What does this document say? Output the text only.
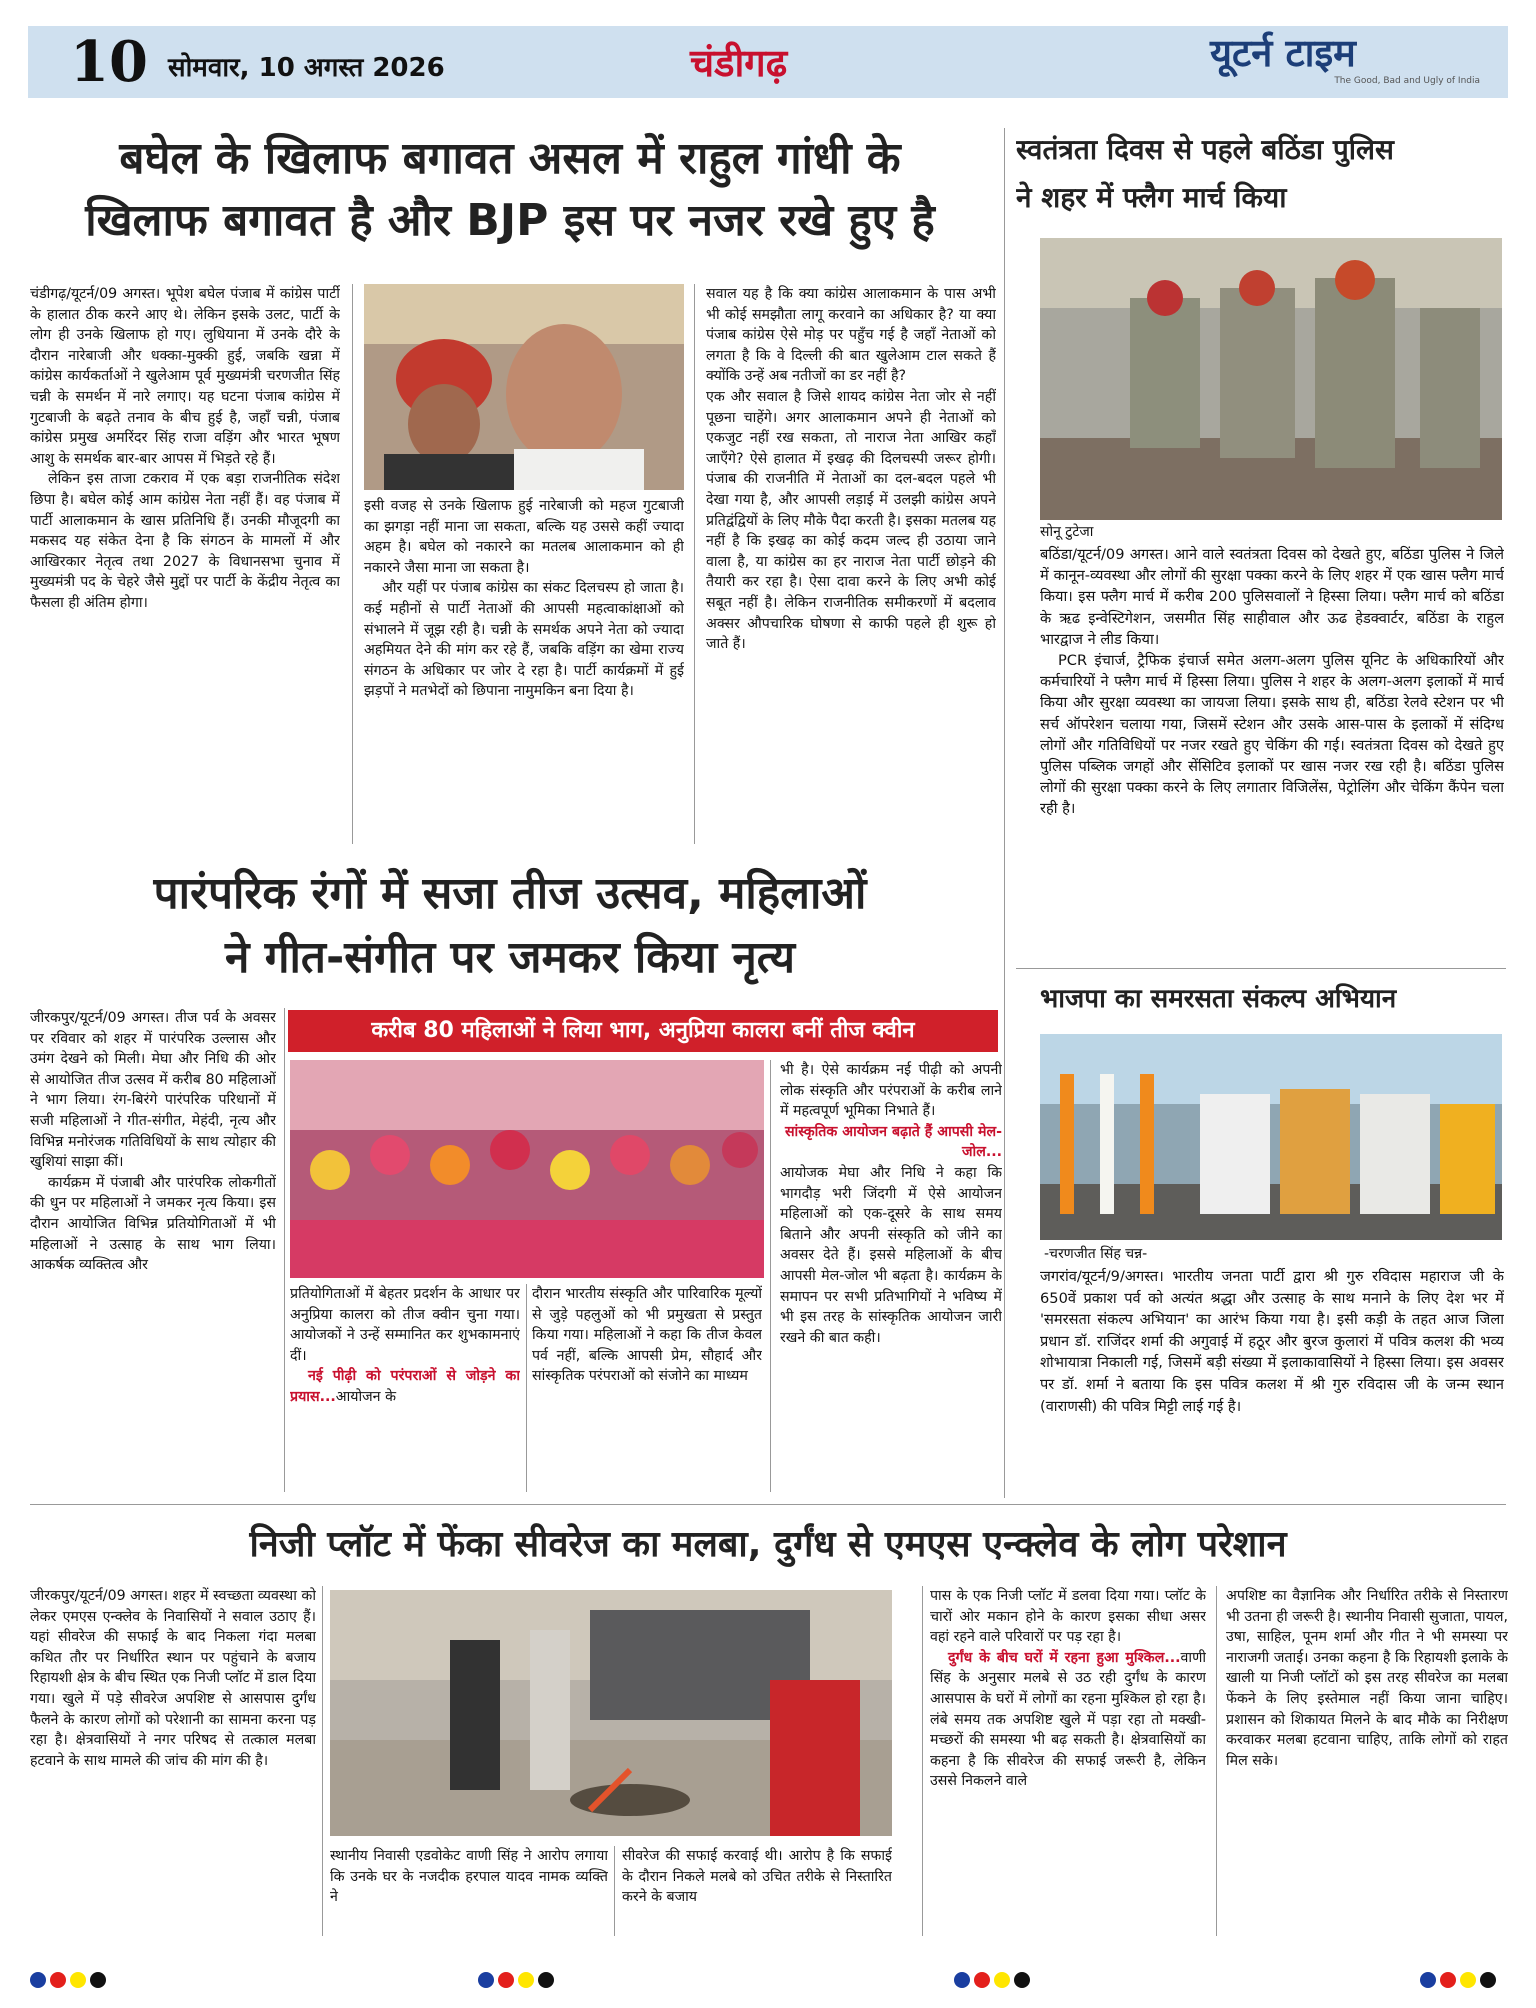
10 सोमवार, 10 अगस्त 2026	चंडीगढ़	यूटर्न टाइम
The Good, Bad and Ugly of India
बघेल के खिलाफ बगावत असल में राहुल गांधी के
खिलाफ बगावत है और BJP इस पर नजर रखे हुए है

चंडीगढ़/यूटर्न/09 अगस्त। भूपेश बघेल पंजाब में कांग्रेस पार्टी के हालात ठीक करने आए थे। लेकिन इसके उलट, पार्टी के लोग ही उनके खिलाफ हो गए। लुधियाना में उनके दौरे के दौरान नारेबाजी और धक्का-मुक्की हुई, जबकि खन्ना में कांग्रेस कार्यकर्ताओं ने खुलेआम पूर्व मुख्यमंत्री चरणजीत सिंह चन्नी के समर्थन में नारे लगाए। यह घटना पंजाब कांग्रेस में गुटबाजी के बढ़ते तनाव के बीच हुई है, जहाँ चन्नी, पंजाब कांग्रेस प्रमुख अमरिंदर सिंह राजा वड़िंग और भारत भूषण आशु के समर्थक बार-बार आपस में भिड़ते रहे हैं।

लेकिन इस ताजा टकराव में एक बड़ा राजनीतिक संदेश छिपा है। बघेल कोई आम कांग्रेस नेता नहीं हैं। वह पंजाब में पार्टी आलाकमान के खास प्रतिनिधि हैं। उनकी मौजूदगी का मकसद यह संकेत देना है कि संगठन के मामलों में और आखिरकार नेतृत्व तथा 2027 के विधानसभा चुनाव में मुख्यमंत्री पद के चेहरे जैसे मुद्दों पर पार्टी के केंद्रीय नेतृत्व का फैसला ही अंतिम होगा।

इसी वजह से उनके खिलाफ हुई नारेबाजी को महज गुटबाजी का झगड़ा नहीं माना जा सकता, बल्कि यह उससे कहीं ज्यादा अहम है। बघेल को नकारने का मतलब आलाकमान को ही नकारने जैसा माना जा सकता है।

और यहीं पर पंजाब कांग्रेस का संकट दिलचस्प हो जाता है। कई महीनों से पार्टी नेताओं की आपसी महत्वाकांक्षाओं को संभालने में जूझ रही है। चन्नी के समर्थक अपने नेता को ज्यादा अहमियत देने की मांग कर रहे हैं, जबकि वड़िंग का खेमा राज्य संगठन के अधिकार पर जोर दे रहा है। पार्टी कार्यक्रमों में हुई झड़पों ने मतभेदों को छिपाना नामुमकिन बना दिया है।

सवाल यह है कि क्या कांग्रेस आलाकमान के पास अभी भी कोई समझौता लागू करवाने का अधिकार है? या क्या पंजाब कांग्रेस ऐसे मोड़ पर पहुँच गई है जहाँ नेताओं को लगता है कि वे दिल्ली की बात खुलेआम टाल सकते हैं क्योंकि उन्हें अब नतीजों का डर नहीं है?

एक और सवाल है जिसे शायद कांग्रेस नेता जोर से नहीं पूछना चाहेंगे। अगर आलाकमान अपने ही नेताओं को एकजुट नहीं रख सकता, तो नाराज नेता आखिर कहाँ जाएँगे? ऐसे हालात में इखढ़ की दिलचस्पी जरूर होगी। पंजाब की राजनीति में नेताओं का दल-बदल पहले भी देखा गया है, और आपसी लड़ाई में उलझी कांग्रेस अपने प्रतिद्वंद्वियों के लिए मौके पैदा करती है। इसका मतलब यह नहीं है कि इखढ़ का कोई कदम जल्द ही उठाया जाने वाला है, या कांग्रेस का हर नाराज नेता पार्टी छोड़ने की तैयारी कर रहा है। ऐसा दावा करने के लिए अभी कोई सबूत नहीं है। लेकिन राजनीतिक समीकरणों में बदलाव अक्सर औपचारिक घोषणा से काफी पहले ही शुरू हो जाते हैं।

स्वतंत्रता दिवस से पहले बठिंडा पुलिस
ने शहर में फ्लैग मार्च किया
सोनू टुटेजा

बठिंडा/यूटर्न/09 अगस्त। आने वाले स्वतंत्रता दिवस को देखते हुए, बठिंडा पुलिस ने जिले में कानून-व्यवस्था और लोगों की सुरक्षा पक्का करने के लिए शहर में एक खास फ्लैग मार्च किया। इस फ्लैग मार्च में करीब 200 पुलिसवालों ने हिस्सा लिया। फ्लैग मार्च को बठिंडा के ऋढ इन्वेस्टिगेशन, जसमीत सिंह साहीवाल और ऊढ हेडक्वार्टर, बठिंडा के राहुल भारद्वाज ने लीड किया।

PCR इंचार्ज, ट्रैफिक इंचार्ज समेत अलग-अलग पुलिस यूनिट के अधिकारियों और कर्मचारियों ने फ्लैग मार्च में हिस्सा लिया। पुलिस ने शहर के अलग-अलग इलाकों में मार्च किया और सुरक्षा व्यवस्था का जायजा लिया। इसके साथ ही, बठिंडा रेलवे स्टेशन पर भी सर्च ऑपरेशन चलाया गया, जिसमें स्टेशन और उसके आस-पास के इलाकों में संदिग्ध लोगों और गतिविधियों पर नजर रखते हुए चेकिंग की गई। स्वतंत्रता दिवस को देखते हुए पुलिस पब्लिक जगहों और सेंसिटिव इलाकों पर खास नजर रख रही है। बठिंडा पुलिस लोगों की सुरक्षा पक्का करने के लिए लगातार विजिलेंस, पेट्रोलिंग और चेकिंग कैंपेन चला रही है।

भाजपा का समरसता संकल्प अभियान
-चरणजीत सिंह चन्न-
जगरांव/यूटर्न/9/अगस्त। भारतीय जनता पार्टी द्वारा श्री गुरु रविदास महाराज जी के 650वें प्रकाश पर्व को अत्यंत श्रद्धा और उत्साह के साथ मनाने के लिए देश भर में 'समरसता संकल्प अभियान' का आरंभ किया गया है। इसी कड़ी के तहत आज जिला प्रधान डॉ. राजिंदर शर्मा की अगुवाई में हठूर और बुरज कुलारां में पवित्र कलश की भव्य शोभायात्रा निकाली गई, जिसमें बड़ी संख्या में इलाकावासियों ने हिस्सा लिया। इस अवसर पर डॉ. शर्मा ने बताया कि इस पवित्र कलश में श्री गुरु रविदास जी के जन्म स्थान (वाराणसी) की पवित्र मिट्टी लाई गई है।
पारंपरिक रंगों में सजा तीज उत्सव, महिलाओं
ने गीत-संगीत पर जमकर किया नृत्य

जीरकपुर/यूटर्न/09 अगस्त। तीज पर्व के अवसर पर रविवार को शहर में पारंपरिक उल्लास और उमंग देखने को मिली। मेघा और निधि की ओर से आयोजित तीज उत्सव में करीब 80 महिलाओं ने भाग लिया। रंग-बिरंगे पारंपरिक परिधानों में सजी महिलाओं ने गीत-संगीत, मेहंदी, नृत्य और विभिन्न मनोरंजक गतिविधियों के साथ त्योहार की खुशियां साझा कीं।

कार्यक्रम में पंजाबी और पारंपरिक लोकगीतों की धुन पर महिलाओं ने जमकर नृत्य किया। इस दौरान आयोजित विभिन्न प्रतियोगिताओं में भी महिलाओं ने उत्साह के साथ भाग लिया। आकर्षक व्यक्तित्व और

करीब 80 महिलाओं ने लिया भाग, अनुप्रिया कालरा बनीं तीज क्वीन

प्रतियोगिताओं में बेहतर प्रदर्शन के आधार पर अनुप्रिया कालरा को तीज क्वीन चुना गया। आयोजकों ने उन्हें सम्मानित कर शुभकामनाएं दीं।

नई पीढ़ी को परंपराओं से जोड़ने का प्रयास...आयोजन के

दौरान भारतीय संस्कृति और पारिवारिक मूल्यों से जुड़े पहलुओं को भी प्रमुखता से प्रस्तुत किया गया। महिलाओं ने कहा कि तीज केवल पर्व नहीं, बल्कि आपसी प्रेम, सौहार्द और सांस्कृतिक परंपराओं को संजोने का माध्यम

भी है। ऐसे कार्यक्रम नई पीढ़ी को अपनी लोक संस्कृति और परंपराओं के करीब लाने में महत्वपूर्ण भूमिका निभाते हैं।

सांस्कृतिक आयोजन बढ़ाते हैं आपसी मेल-जोल...

आयोजक मेघा और निधि ने कहा कि भागदौड़ भरी जिंदगी में ऐसे आयोजन महिलाओं को एक-दूसरे के साथ समय बिताने और अपनी संस्कृति को जीने का अवसर देते हैं। इससे महिलाओं के बीच आपसी मेल-जोल भी बढ़ता है। कार्यक्रम के समापन पर सभी प्रतिभागियों ने भविष्य में भी इस तरह के सांस्कृतिक आयोजन जारी रखने की बात कही।

निजी प्लॉट में फेंका सीवरेज का मलबा, दुर्गंध से एमएस एन्क्लेव के लोग परेशान
जीरकपुर/यूटर्न/09 अगस्त। शहर में स्वच्छता व्यवस्था को लेकर एमएस एन्क्लेव के निवासियों ने सवाल उठाए हैं। यहां सीवरेज की सफाई के बाद निकला गंदा मलबा कथित तौर पर निर्धारित स्थान पर पहुंचाने के बजाय रिहायशी क्षेत्र के बीच स्थित एक निजी प्लॉट में डाल दिया गया। खुले में पड़े सीवरेज अपशिष्ट से आसपास दुर्गंध फैलने के कारण लोगों को परेशानी का सामना करना पड़ रहा है। क्षेत्रवासियों ने नगर परिषद से तत्काल मलबा हटवाने के साथ मामले की जांच की मांग की है।
स्थानीय निवासी एडवोकेट वाणी सिंह ने आरोप लगाया कि उनके घर के नजदीक हरपाल यादव नामक व्यक्ति ने
सीवरेज की सफाई करवाई थी। आरोप है कि सफाई के दौरान निकले मलबे को उचित तरीके से निस्तारित करने के बजाय

पास के एक निजी प्लॉट में डलवा दिया गया। प्लॉट के चारों ओर मकान होने के कारण इसका सीधा असर वहां रहने वाले परिवारों पर पड़ रहा है।

दुर्गंध के बीच घरों में रहना हुआ मुश्किल...वाणी सिंह के अनुसार मलबे से उठ रही दुर्गंध के कारण आसपास के घरों में लोगों का रहना मुश्किल हो रहा है। लंबे समय तक अपशिष्ट खुले में पड़ा रहा तो मक्खी-मच्छरों की समस्या भी बढ़ सकती है। क्षेत्रवासियों का कहना है कि सीवरेज की सफाई जरूरी है, लेकिन उससे निकलने वाले

अपशिष्ट का वैज्ञानिक और निर्धारित तरीके से निस्तारण भी उतना ही जरूरी है। स्थानीय निवासी सुजाता, पायल, उषा, साहिल, पूनम शर्मा और गीत ने भी समस्या पर नाराजगी जताई। उनका कहना है कि रिहायशी इलाके के खाली या निजी प्लॉटों को इस तरह सीवरेज का मलबा फेंकने के लिए इस्तेमाल नहीं किया जाना चाहिए। प्रशासन को शिकायत मिलने के बाद मौके का निरीक्षण करवाकर मलबा हटवाना चाहिए, ताकि लोगों को राहत मिल सके।
